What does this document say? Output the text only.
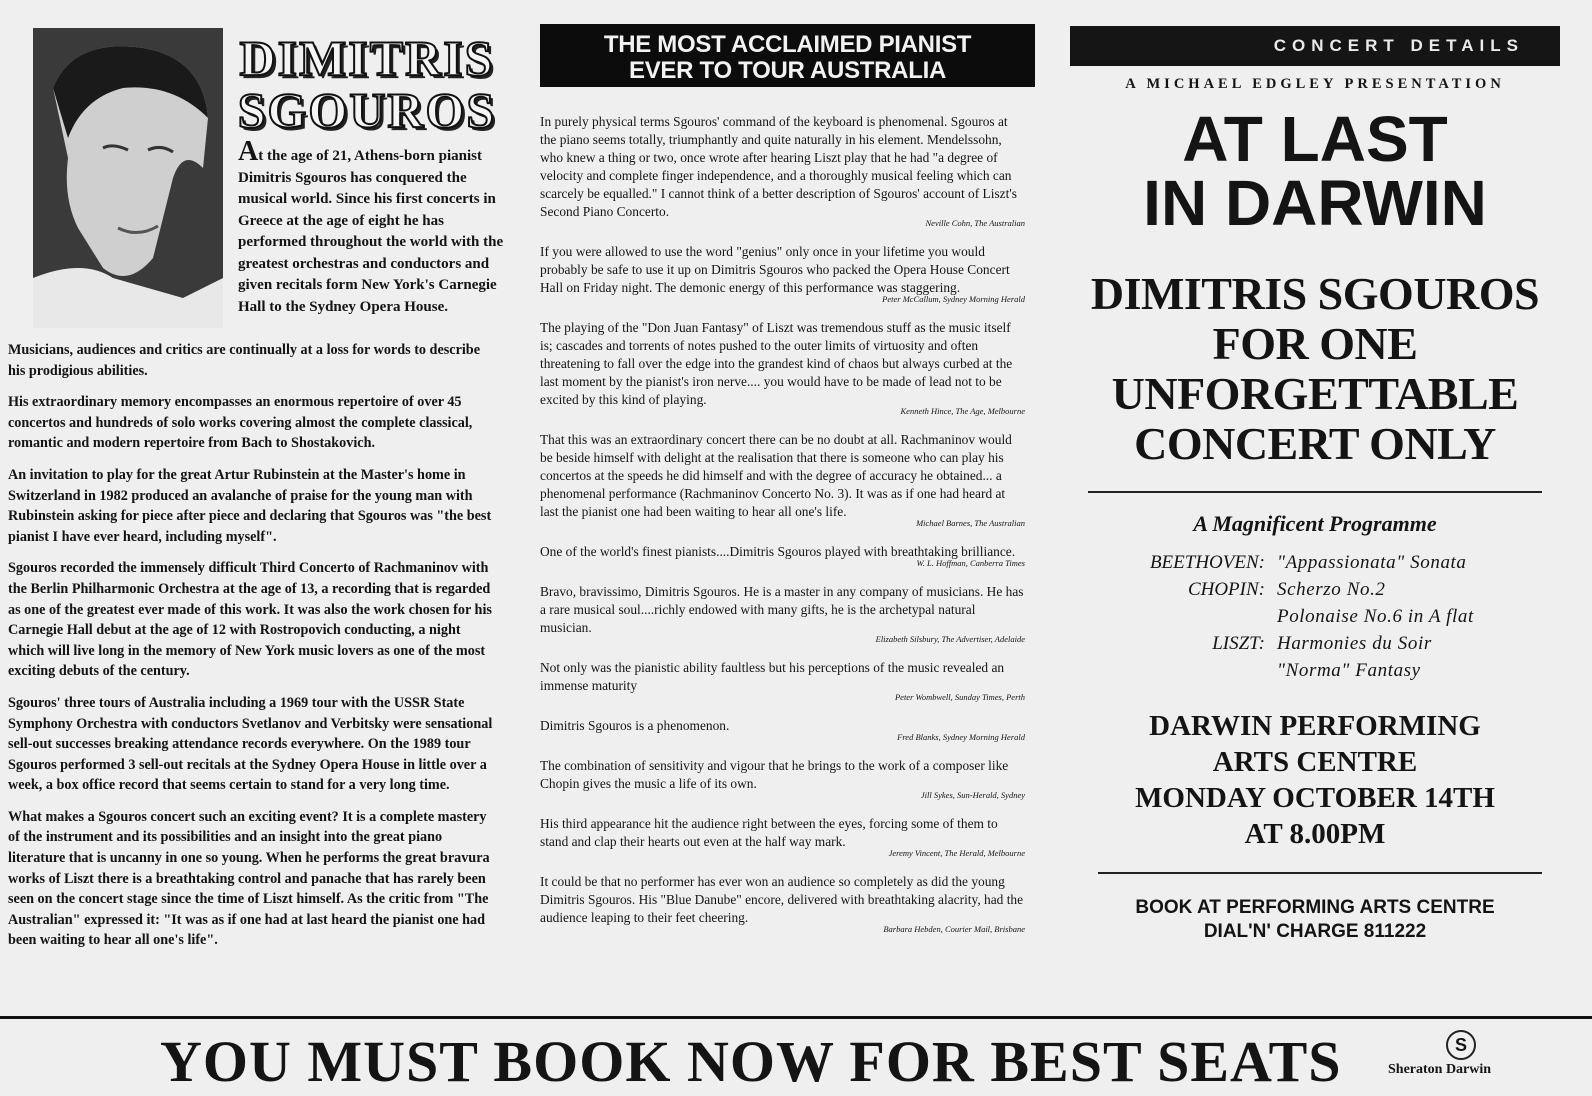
DIMITRIS
SGOUROS
At the age of 21, Athens-born pianist Dimitris Sgouros has conquered the musical world. Since his first concerts in Greece at the age of eight he has performed throughout the world with the greatest orchestras and conductors and given recitals form New York's Carnegie Hall to the Sydney Opera House.

Musicians, audiences and critics are continually at a loss for words to describe his prodigious abilities.

His extraordinary memory encompasses an enormous repertoire of over 45 concertos and hundreds of solo works covering almost the complete classical, romantic and modern repertoire from Bach to Shostakovich.

An invitation to play for the great Artur Rubinstein at the Master's home in Switzerland in 1982 produced an avalanche of praise for the young man with Rubinstein asking for piece after piece and declaring that Sgouros was "the best pianist I have ever heard, including myself".

Sgouros recorded the immensely difficult Third Concerto of Rachmaninov with the Berlin Philharmonic Orchestra at the age of 13, a recording that is regarded as one of the greatest ever made of this work. It was also the work chosen for his Carnegie Hall debut at the age of 12 with Rostropovich conducting, a night which will live long in the memory of New York music lovers as one of the most exciting debuts of the century.

Sgouros' three tours of Australia including a 1969 tour with the USSR State Symphony Orchestra with conductors Svetlanov and Verbitsky were sensational sell-out successes breaking attendance records everywhere. On the 1989 tour Sgouros performed 3 sell-out recitals at the Sydney Opera House in little over a week, a box office record that seems certain to stand for a very long time.

What makes a Sgouros concert such an exciting event? It is a complete mastery of the instrument and its possibilities and an insight into the great piano literature that is uncanny in one so young. When he performs the great bravura works of Liszt there is a breathtaking control and panache that has rarely been seen on the concert stage since the time of Liszt himself. As the critic from "The Australian" expressed it: "It was as if one had at last heard the pianist one had been waiting to hear all one's life".

THE MOST ACCLAIMED PIANIST
EVER TO TOUR AUSTRALIA
In purely physical terms Sgouros' command of the keyboard is phenomenal. Sgouros at the piano seems totally, triumphantly and quite naturally in his element. Mendelssohn, who knew a thing or two, once wrote after hearing Liszt play that he had "a degree of velocity and complete finger independence, and a thoroughly musical feeling which can scarcely be equalled." I cannot think of a better description of Sgouros' account of Liszt's Second Piano Concerto.
Neville Cohn, The Australian
If you were allowed to use the word "genius" only once in your lifetime you would probably be safe to use it up on Dimitris Sgouros who packed the Opera House Concert Hall on Friday night. The demonic energy of this performance was staggering.
Peter McCallum, Sydney Morning Herald
The playing of the "Don Juan Fantasy" of Liszt was tremendous stuff as the music itself is; cascades and torrents of notes pushed to the outer limits of virtuosity and often threatening to fall over the edge into the grandest kind of chaos but always curbed at the last moment by the pianist's iron nerve.... you would have to be made of lead not to be excited by this kind of playing.
Kenneth Hince, The Age, Melbourne
That this was an extraordinary concert there can be no doubt at all. Rachmaninov would be beside himself with delight at the realisation that there is someone who can play his concertos at the speeds he did himself and with the degree of accuracy he obtained... a phenomenal performance (Rachmaninov Concerto No. 3). It was as if one had heard at last the pianist one had been waiting to hear all one's life.
Michael Barnes, The Australian
One of the world's finest pianists....Dimitris Sgouros played with breathtaking brilliance.
W. L. Hoffman, Canberra Times
Bravo, bravissimo, Dimitris Sgouros. He is a master in any company of musicians. He has a rare musical soul....richly endowed with many gifts, he is the archetypal natural musician.
Elizabeth Silsbury, The Advertiser, Adelaide
Not only was the pianistic ability faultless but his perceptions of the music revealed an immense maturity
Peter Wombwell, Sunday Times, Perth
Dimitris Sgouros is a phenomenon.
Fred Blanks, Sydney Morning Herald
The combination of sensitivity and vigour that he brings to the work of a composer like Chopin gives the music a life of its own.
Jill Sykes, Sun-Herald, Sydney
His third appearance hit the audience right between the eyes, forcing some of them to stand and clap their hearts out even at the half way mark.
Jeremy Vincent, The Herald, Melbourne
It could be that no performer has ever won an audience so completely as did the young Dimitris Sgouros. His "Blue Danube" encore, delivered with breathtaking alacrity, had the audience leaping to their feet cheering.
Barbara Hebden, Courier Mail, Brisbane
CONCERT DETAILS
A MICHAEL EDGLEY PRESENTATION
AT LAST
IN DARWIN
DIMITRIS SGOUROS
FOR ONE
UNFORGETTABLE
CONCERT ONLY
A Magnificent Programme
BEETHOVEN: "Appassionata" Sonata
CHOPIN: Scherzo No.2
Polonaise No.6 in A flat
LISZT: Harmonies du Soir
"Norma" Fantasy
DARWIN PERFORMING
ARTS CENTRE
MONDAY OCTOBER 14TH
AT 8.00PM
BOOK AT PERFORMING ARTS CENTRE
DIAL'N' CHARGE 811222
YOU MUST BOOK NOW FOR BEST SEATS	S
Sheraton Darwin
